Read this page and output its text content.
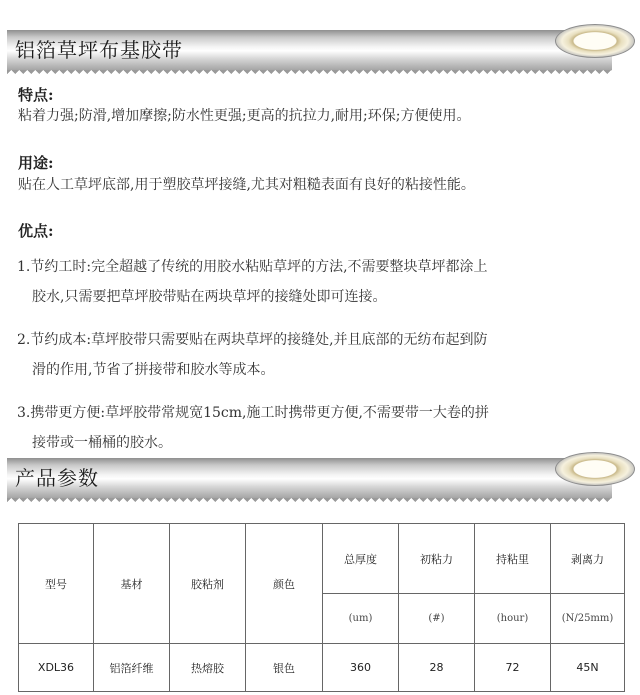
铝箔草坪布基胶带
特点:
粘着力强;防滑,增加摩擦;防水性更强;更高的抗拉力,耐用;环保;方便使用。
用途:
贴在人工草坪底部,用于塑胶草坪接缝,尤其对粗糙表面有良好的粘接性能。
优点:
1.节约工时:完全超越了传统的用胶水粘贴草坪的方法,不需要整块草坪都涂上
胶水,只需要把草坪胶带贴在两块草坪的接缝处即可连接。
2.节约成本:草坪胶带只需要贴在两块草坪的接缝处,并且底部的无纺布起到防
滑的作用,节省了拼接带和胶水等成本。
3.携带更方便:草坪胶带常规宽15cm,施工时携带更方便,不需要带一大卷的拼
接带或一桶桶的胶水。
产品参数
型号	基材	胶粘剂	颜色	总厚度	初粘力	持粘里	剥离力
				(um)	(#)	(hour)	(N/25mm)
XDL36	铝箔纤维	热熔胶	银色	360	28	72	45N
